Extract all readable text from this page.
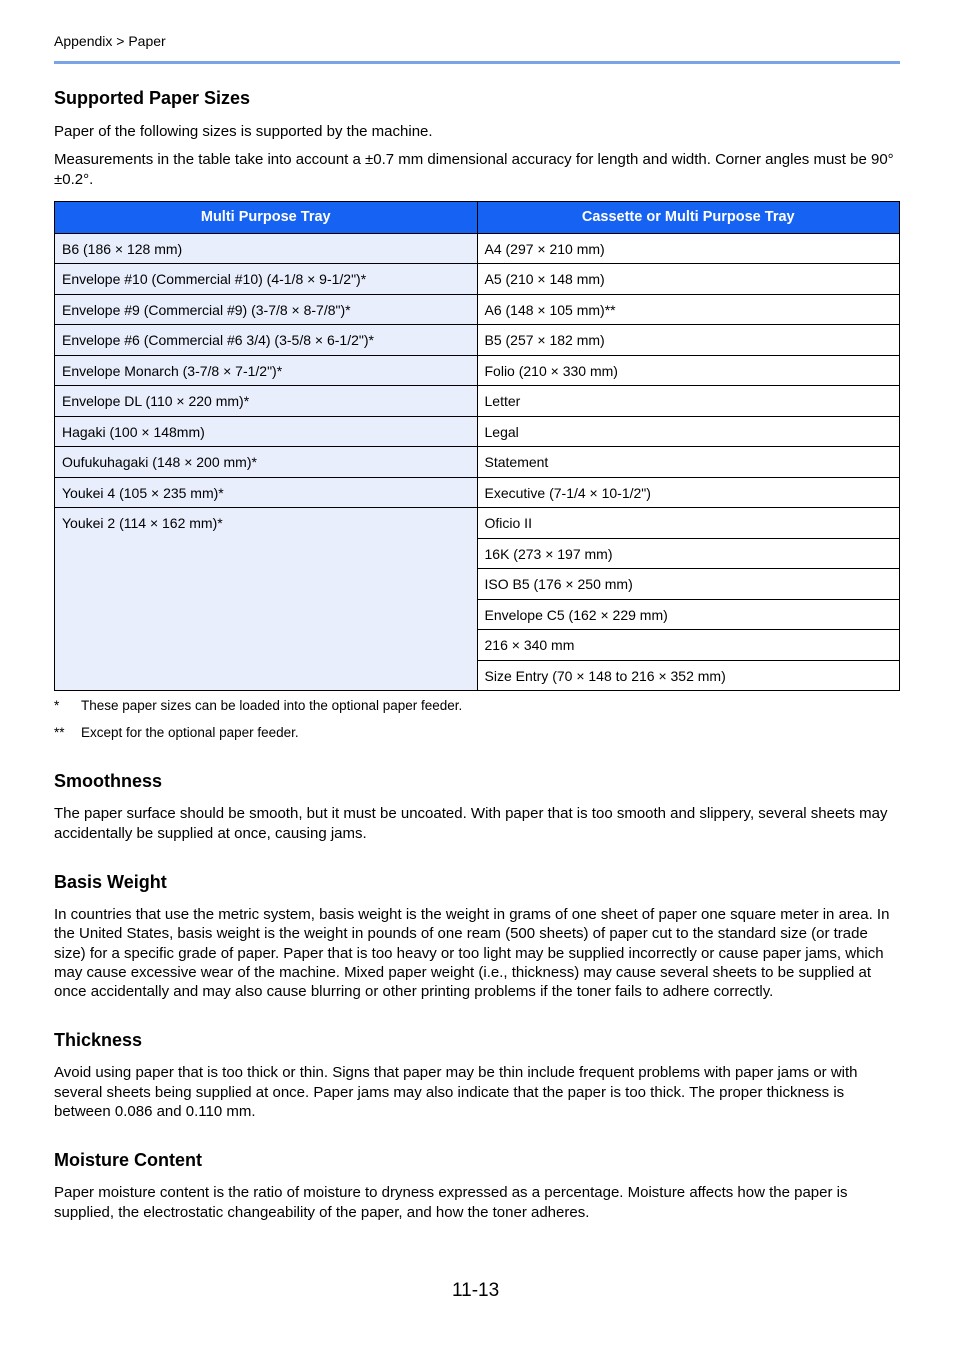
Appendix > Paper
Supported Paper Sizes

Paper of the following sizes is supported by the machine.

Measurements in the table take into account a ±0.7 mm dimensional accuracy for length and width. Corner angles must be 90°±0.2°.

Multi Purpose Tray	Cassette or Multi Purpose Tray
B6 (186 × 128 mm)	A4 (297 × 210 mm)
Envelope #10 (Commercial #10) (4-1/8 × 9-1/2")*	A5 (210 × 148 mm)
Envelope #9 (Commercial #9) (3-7/8 × 8-7/8")*	A6 (148 × 105 mm)**
Envelope #6 (Commercial #6 3/4) (3-5/8 × 6-1/2")*	B5 (257 × 182 mm)
Envelope Monarch (3-7/8 × 7-1/2")*	Folio (210 × 330 mm)
Envelope DL (110 × 220 mm)*	Letter
Hagaki (100 × 148mm)	Legal
Oufukuhagaki (148 × 200 mm)*	Statement
Youkei 4 (105 × 235 mm)*	Executive (7-1/4 × 10-1/2")
Youkei 2 (114 × 162 mm)*	Oficio II
	16K (273 × 197 mm)
	ISO B5 (176 × 250 mm)
	Envelope C5 (162 × 229 mm)
	216 × 340 mm
	Size Entry (70 × 148 to 216 × 352 mm)
* These paper sizes can be loaded into the optional paper feeder.
** Except for the optional paper feeder.
Smoothness

The paper surface should be smooth, but it must be uncoated. With paper that is too smooth and slippery, several sheets may accidentally be supplied at once, causing jams.

Basis Weight

In countries that use the metric system, basis weight is the weight in grams of one sheet of paper one square meter in area. In the United States, basis weight is the weight in pounds of one ream (500 sheets) of paper cut to the standard size (or trade size) for a specific grade of paper. Paper that is too heavy or too light may be supplied incorrectly or cause paper jams, which may cause excessive wear of the machine. Mixed paper weight (i.e., thickness) may cause several sheets to be supplied at once accidentally and may also cause blurring or other printing problems if the toner fails to adhere correctly.

Thickness

Avoid using paper that is too thick or thin. Signs that paper may be thin include frequent problems with paper jams or with several sheets being supplied at once. Paper jams may also indicate that the paper is too thick. The proper thickness is between 0.086 and 0.110 mm.

Moisture Content

Paper moisture content is the ratio of moisture to dryness expressed as a percentage. Moisture affects how the paper is supplied, the electrostatic changeability of the paper, and how the toner adheres.

11-13
